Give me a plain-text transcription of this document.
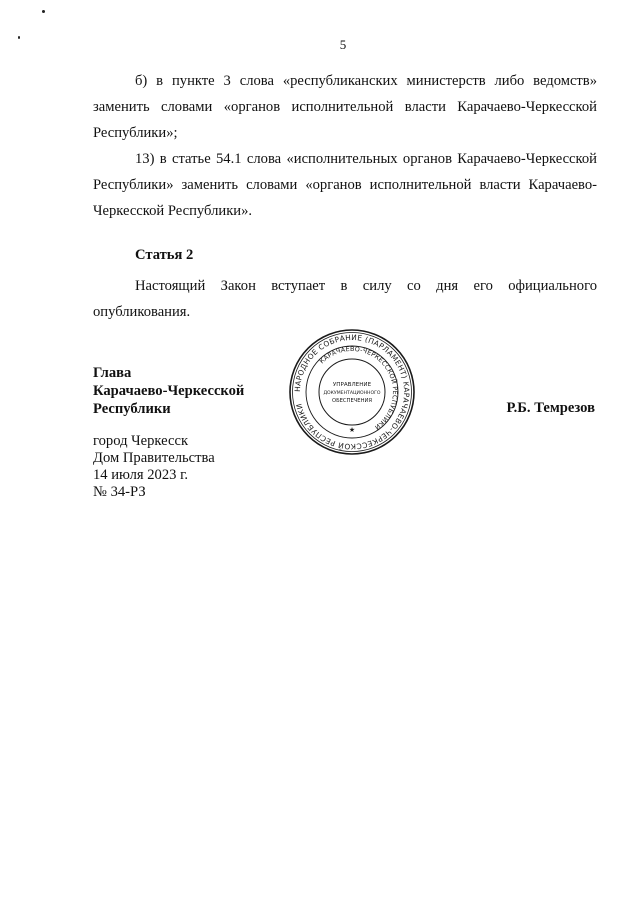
5

б) в пункте 3 слова «республиканских министерств либо ведомств» заменить словами «органов исполнительной власти Карачаево-Черкесской Республики»;

13) в статье 54.1 слова «исполнительных органов Карачаево-Черкесской Республики» заменить словами «органов исполнительной власти Карачаево-Черкесской Республики».

Статья 2

Настоящий Закон вступает в силу со дня его официального опубликования.

Глава
Карачаево-Черкесской
Республики
НАРОДНОЕ СОБРАНИЕ (ПАРЛАМЕНТ) КАРАЧАЕВО-ЧЕРКЕССКОЙ РЕСПУБЛИКИ
КАРАЧАЕВО-ЧЕРКЕССКОЙ РЕСПУБЛИКИ
УПРАВЛЕНИЕ
ДОКУМЕНТАЦИОННОГО
ОБЕСПЕЧЕНИЯ
★
Р.Б. Темрезов
город Черкесск
Дом Правительства
14 июля 2023 г.
№ 34-РЗ
